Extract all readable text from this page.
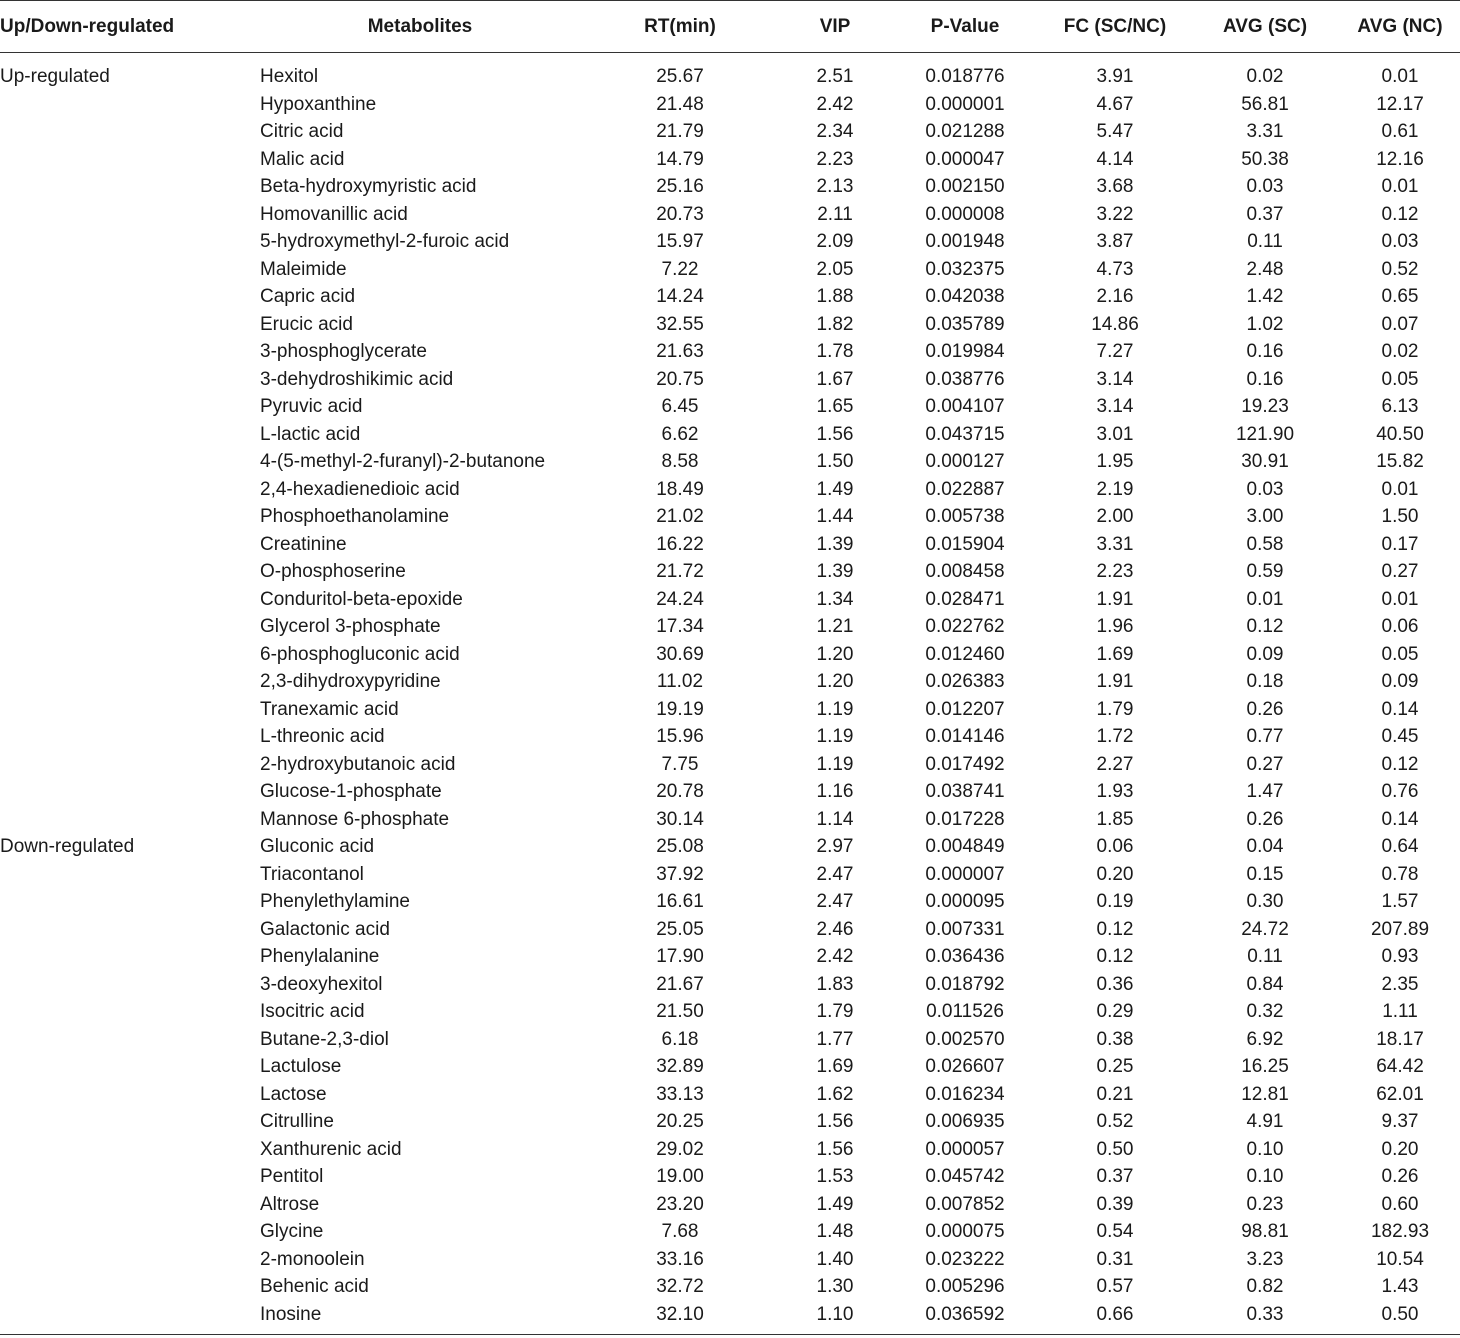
Up/Down-regulated	Metabolites	RT(min)	VIP	P-Value	FC (SC/NC)	AVG (SC)	AVG (NC)
Up-regulated	Hexitol	25.67	2.51	0.018776	3.91	0.02	0.01
	Hypoxanthine	21.48	2.42	0.000001	4.67	56.81	12.17
	Citric acid	21.79	2.34	0.021288	5.47	3.31	0.61
	Malic acid	14.79	2.23	0.000047	4.14	50.38	12.16
	Beta-hydroxymyristic acid	25.16	2.13	0.002150	3.68	0.03	0.01
	Homovanillic acid	20.73	2.11	0.000008	3.22	0.37	0.12
	5-hydroxymethyl-2-furoic acid	15.97	2.09	0.001948	3.87	0.11	0.03
	Maleimide	7.22	2.05	0.032375	4.73	2.48	0.52
	Capric acid	14.24	1.88	0.042038	2.16	1.42	0.65
	Erucic acid	32.55	1.82	0.035789	14.86	1.02	0.07
	3-phosphoglycerate	21.63	1.78	0.019984	7.27	0.16	0.02
	3-dehydroshikimic acid	20.75	1.67	0.038776	3.14	0.16	0.05
	Pyruvic acid	6.45	1.65	0.004107	3.14	19.23	6.13
	L-lactic acid	6.62	1.56	0.043715	3.01	121.90	40.50
	4-(5-methyl-2-furanyl)-2-butanone	8.58	1.50	0.000127	1.95	30.91	15.82
	2,4-hexadienedioic acid	18.49	1.49	0.022887	2.19	0.03	0.01
	Phosphoethanolamine	21.02	1.44	0.005738	2.00	3.00	1.50
	Creatinine	16.22	1.39	0.015904	3.31	0.58	0.17
	O-phosphoserine	21.72	1.39	0.008458	2.23	0.59	0.27
	Conduritol-beta-epoxide	24.24	1.34	0.028471	1.91	0.01	0.01
	Glycerol 3-phosphate	17.34	1.21	0.022762	1.96	0.12	0.06
	6-phosphogluconic acid	30.69	1.20	0.012460	1.69	0.09	0.05
	2,3-dihydroxypyridine	11.02	1.20	0.026383	1.91	0.18	0.09
	Tranexamic acid	19.19	1.19	0.012207	1.79	0.26	0.14
	L-threonic acid	15.96	1.19	0.014146	1.72	0.77	0.45
	2-hydroxybutanoic acid	7.75	1.19	0.017492	2.27	0.27	0.12
	Glucose-1-phosphate	20.78	1.16	0.038741	1.93	1.47	0.76
	Mannose 6-phosphate	30.14	1.14	0.017228	1.85	0.26	0.14
Down-regulated	Gluconic acid	25.08	2.97	0.004849	0.06	0.04	0.64
	Triacontanol	37.92	2.47	0.000007	0.20	0.15	0.78
	Phenylethylamine	16.61	2.47	0.000095	0.19	0.30	1.57
	Galactonic acid	25.05	2.46	0.007331	0.12	24.72	207.89
	Phenylalanine	17.90	2.42	0.036436	0.12	0.11	0.93
	3-deoxyhexitol	21.67	1.83	0.018792	0.36	0.84	2.35
	Isocitric acid	21.50	1.79	0.011526	0.29	0.32	1.11
	Butane-2,3-diol	6.18	1.77	0.002570	0.38	6.92	18.17
	Lactulose	32.89	1.69	0.026607	0.25	16.25	64.42
	Lactose	33.13	1.62	0.016234	0.21	12.81	62.01
	Citrulline	20.25	1.56	0.006935	0.52	4.91	9.37
	Xanthurenic acid	29.02	1.56	0.000057	0.50	0.10	0.20
	Pentitol	19.00	1.53	0.045742	0.37	0.10	0.26
	Altrose	23.20	1.49	0.007852	0.39	0.23	0.60
	Glycine	7.68	1.48	0.000075	0.54	98.81	182.93
	2-monoolein	33.16	1.40	0.023222	0.31	3.23	10.54
	Behenic acid	32.72	1.30	0.005296	0.57	0.82	1.43
	Inosine	32.10	1.10	0.036592	0.66	0.33	0.50
